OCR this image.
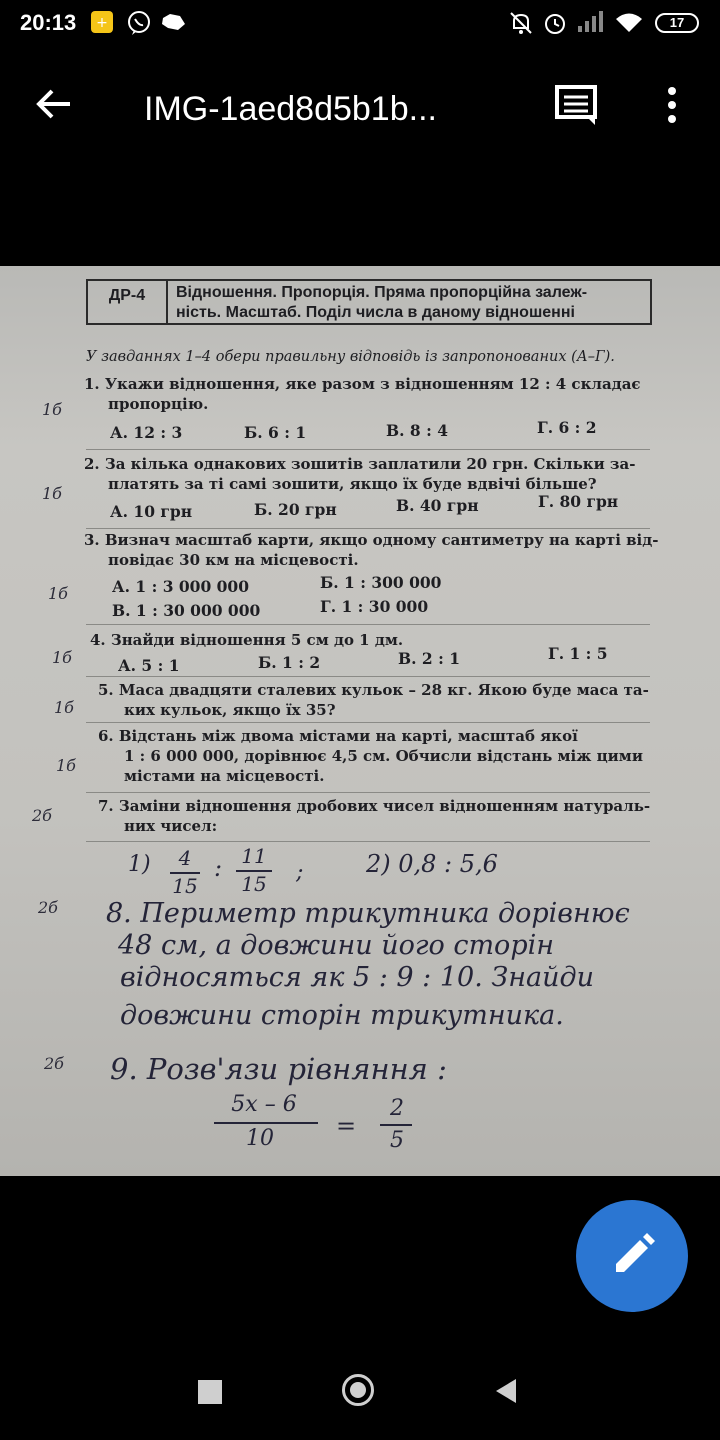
20:13 +	17
IMG-1aed8d5b1b...
ДР-4	Відношення. Пропорція. Пряма пропорційна залеж-
ність. Масштаб. Поділ числа в даному відношенні
У завданнях 1–4 обери правильну відповідь із запропонованих (А–Г).
1. Укажи відношення, яке разом з відношенням 12 : 4 складає
пропорцію.
А. 12 : 3	Б. 6 : 1	В. 8 : 4	Г. 6 : 2
2. За кілька однакових зошитів заплатили 20 грн. Скільки за-
платять за ті самі зошити, якщо їх буде вдвічі більше?
А. 10 грн	Б. 20 грн	В. 40 грн	Г. 80 грн
3. Визнач масштаб карти, якщо одному сантиметру на карті від-
повідає 30 км на місцевості.
А. 1 : 3 000 000	Б. 1 : 300 000
В. 1 : 30 000 000	Г. 1 : 30 000
4. Знайди відношення 5 см до 1 дм.
А. 5 : 1	Б. 1 : 2	В. 2 : 1	Г. 1 : 5
5. Маса двадцяти сталевих кульок – 28 кг. Якою буде маса та-
ких кульок, якщо їх 35?
6. Відстань між двома містами на карті, масштаб якої
1 : 6 000 000, дорівнює 4,5 см. Обчисли відстань між цими
містами на місцевості.
7. Заміни відношення дробових чисел відношенням натураль-
них чисел:
1б
1б
1б
1б
1б
1б
2б
2б
2б
1)	4
15
: 11
15 ;	2) 0,8 : 5,6
8. Периметр трикутника дорівнює
48 см, а довжини його сторін
відносяться як 5 : 9 : 10. Знайди
довжини сторін трикутника.
9. Розв'язи рівняння :
5x – 6
10	=
2
5
